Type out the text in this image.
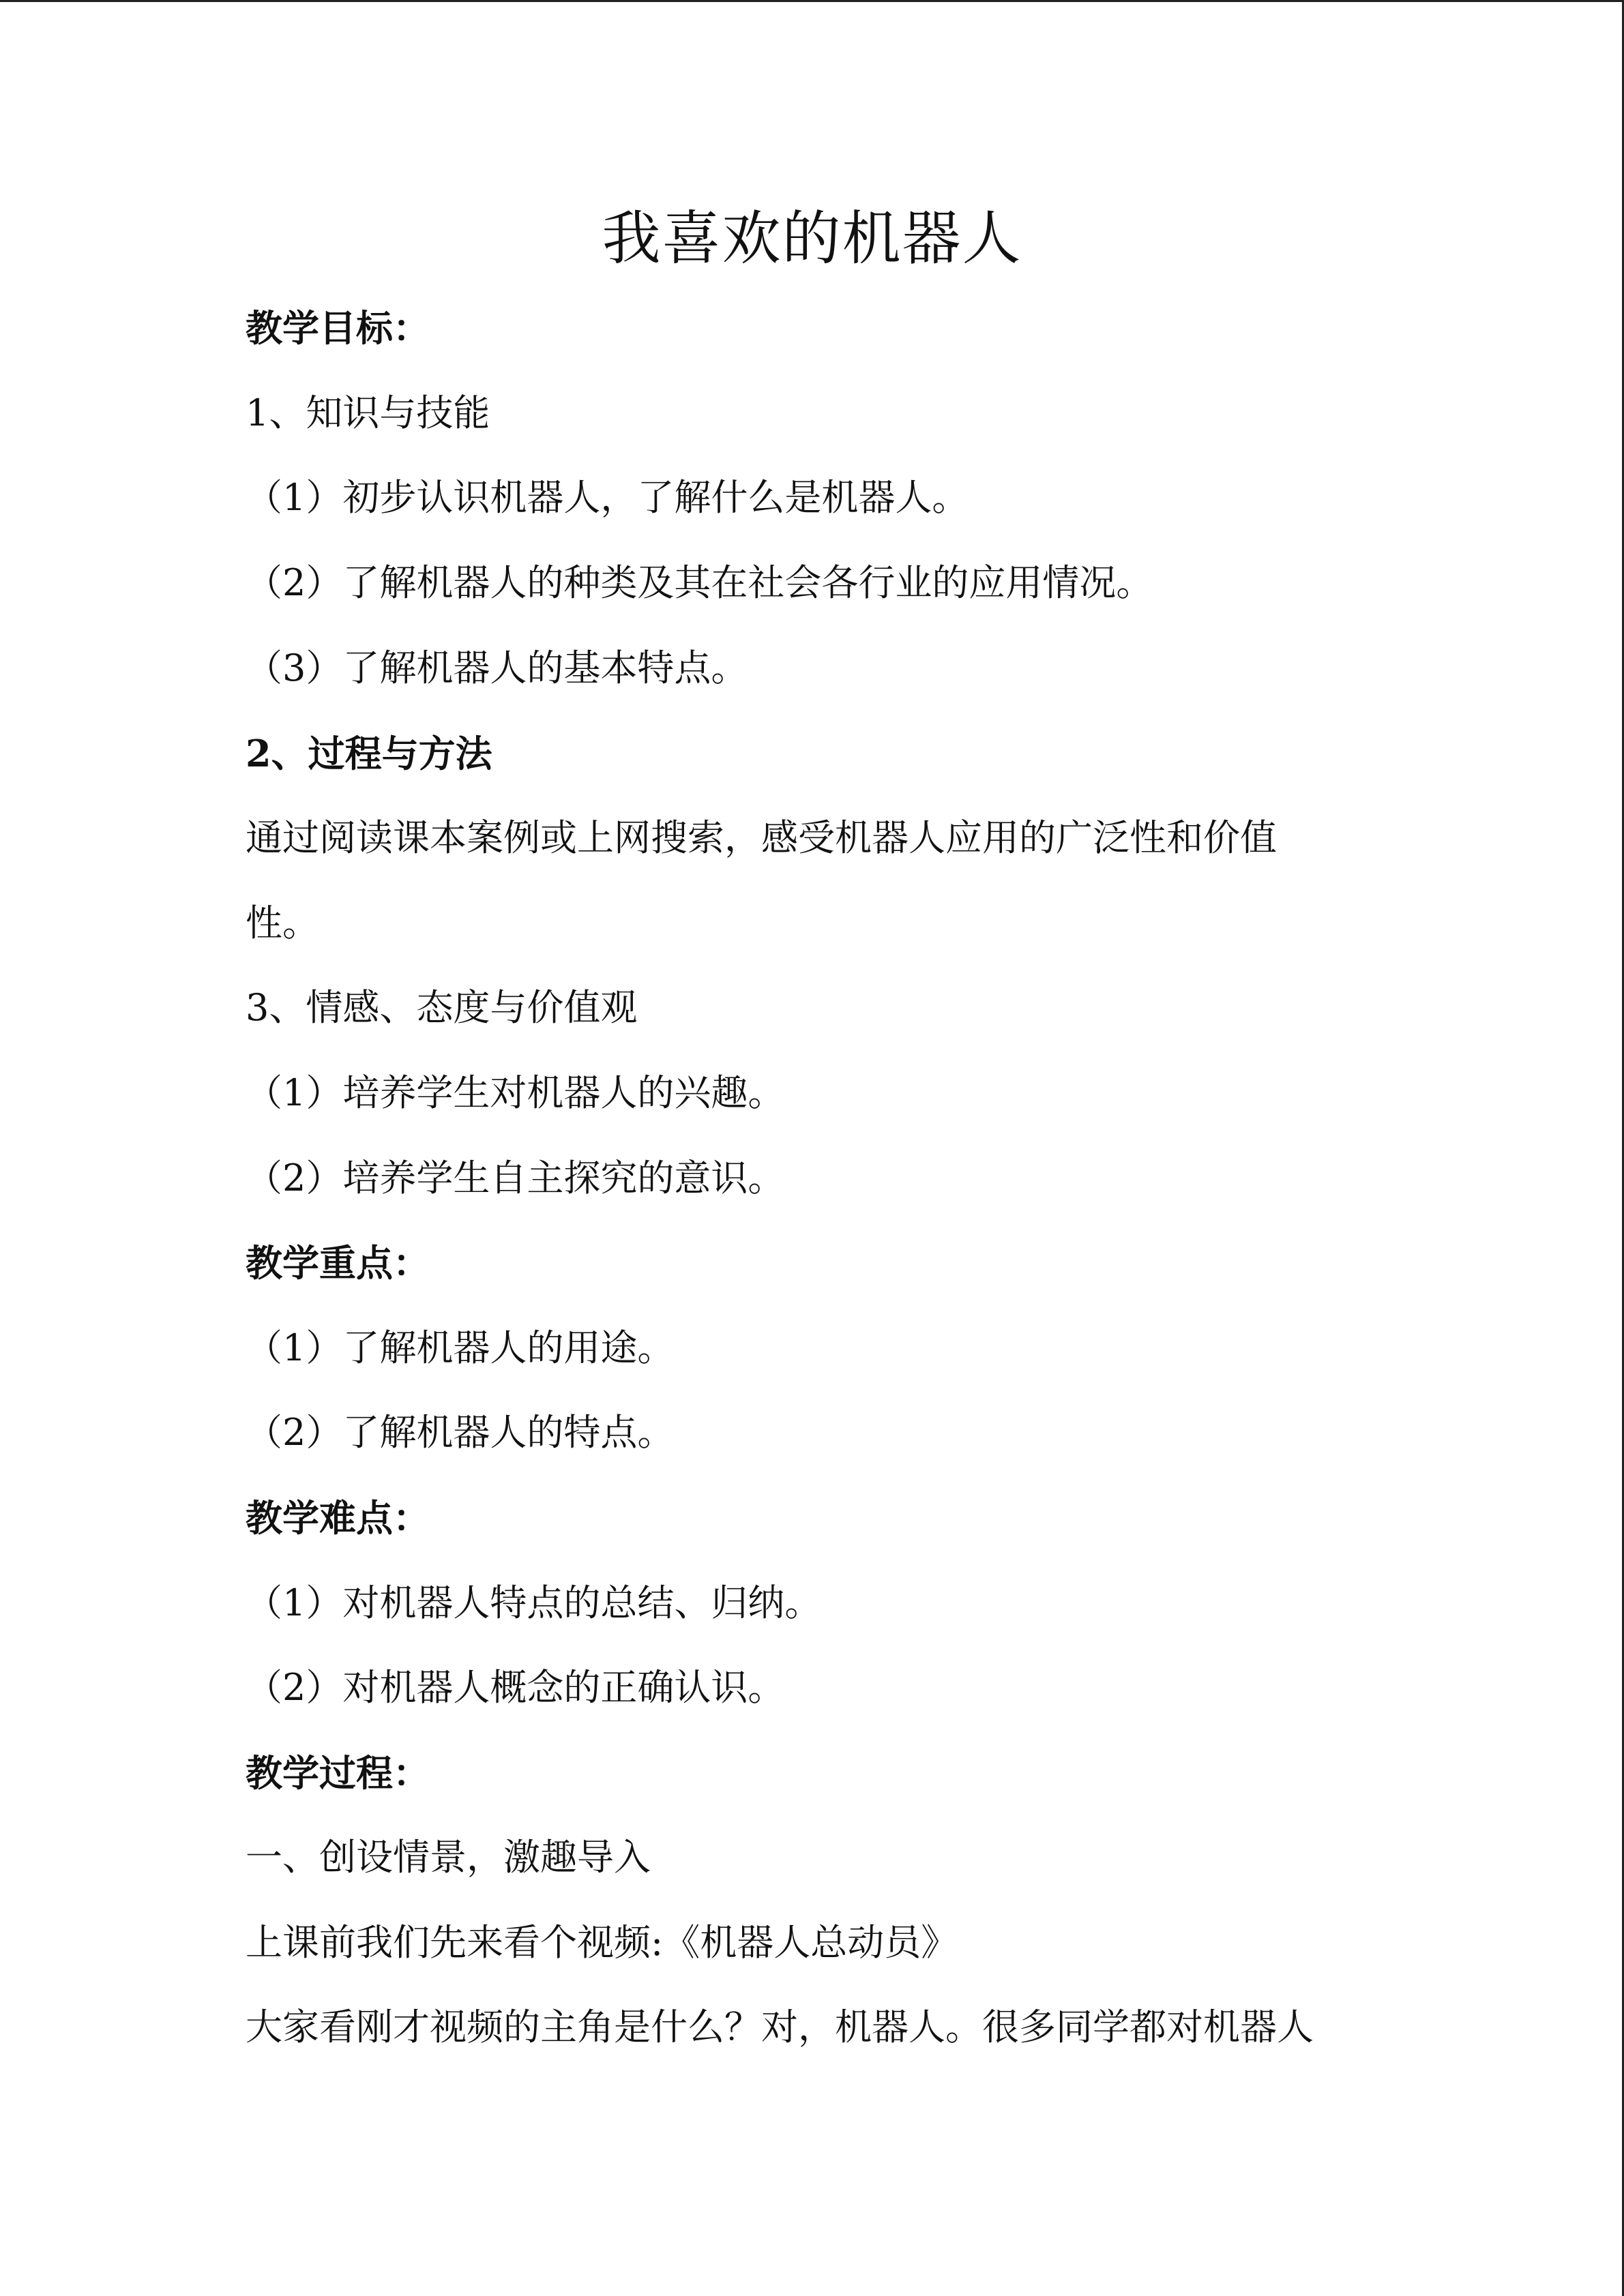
我喜欢的机器人

教学目标：

1、知识与技能

（1）初步认识机器人，了解什么是机器人。

（2）了解机器人的种类及其在社会各行业的应用情况。

（3）了解机器人的基本特点。

2、过程与方法

通过阅读课本案例或上网搜索，感受机器人应用的广泛性和价值

性。

3、情感、态度与价值观

（1）培养学生对机器人的兴趣。

（2）培养学生自主探究的意识。

教学重点：

（1）了解机器人的用途。

（2）了解机器人的特点。

教学难点：

（1）对机器人特点的总结、归纳。

（2）对机器人概念的正确认识。

教学过程：

一、创设情景，激趣导入

上课前我们先来看个视频:《机器人总动员》

大家看刚才视频的主角是什么？对，机器人。很多同学都对机器人
